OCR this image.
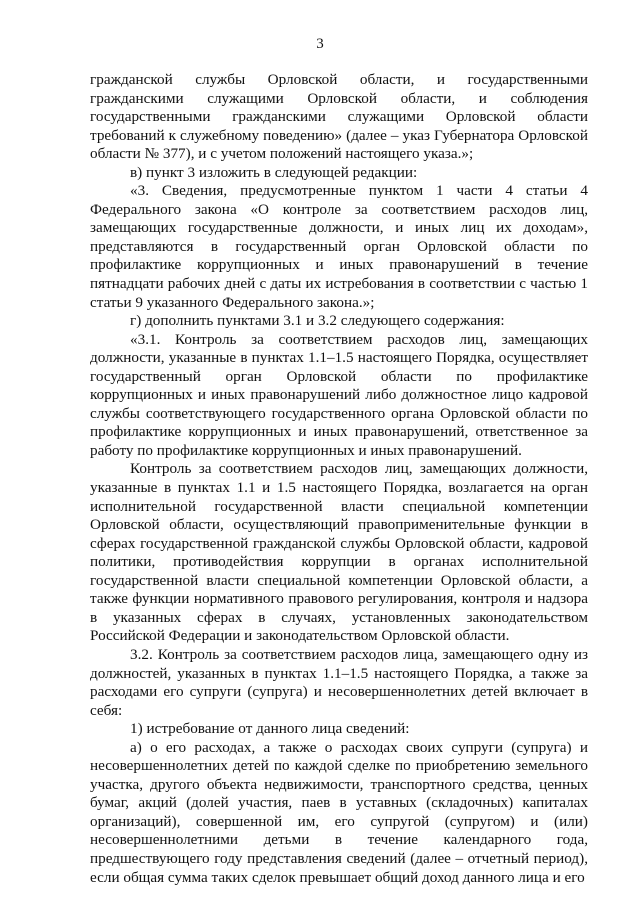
3

гражданской службы Орловской области, и государственными гражданскими служащими Орловской области, и соблюдения государственными гражданскими служащими Орловской области требований к служебному поведению» (далее – указ Губернатора Орловской области № 377), и с учетом положений настоящего указа.»;

в) пункт 3 изложить в следующей редакции:

«3. Сведения, предусмотренные пунктом 1 части 4 статьи 4 Федерального закона «О контроле за соответствием расходов лиц, замещающих государственные должности, и иных лиц их доходам», представляются в государственный орган Орловской области по профилактике коррупционных и иных правонарушений в течение пятнадцати рабочих дней с даты их истребования в соответствии с частью 1 статьи 9 указанного Федерального закона.»;

г) дополнить пунктами 3.1 и 3.2 следующего содержания:

«3.1. Контроль за соответствием расходов лиц, замещающих должности, указанные в пунктах 1.1–1.5 настоящего Порядка, осуществляет государственный орган Орловской области по профилактике коррупционных и иных правонарушений либо должностное лицо кадровой службы соответствующего государственного органа Орловской области по профилактике коррупционных и иных правонарушений, ответственное за работу по профилактике коррупционных и иных правонарушений.

Контроль за соответствием расходов лиц, замещающих должности, указанные в пунктах 1.1 и 1.5 настоящего Порядка, возлагается на орган исполнительной государственной власти специальной компетенции Орловской области, осуществляющий правоприменительные функции в сферах государственной гражданской службы Орловской области, кадровой политики, противодействия коррупции в органах исполнительной государственной власти специальной компетенции Орловской области, а также функции нормативного правового регулирования, контроля и надзора в указанных сферах в случаях, установленных законодательством Российской Федерации и законодательством Орловской области.

3.2. Контроль за соответствием расходов лица, замещающего одну из должностей, указанных в пунктах 1.1–1.5 настоящего Порядка, а также за расходами его супруги (супруга) и несовершеннолетних детей включает в себя:

1) истребование от данного лица сведений:

а) о его расходах, а также о расходах своих супруги (супруга) и несовершеннолетних детей по каждой сделке по приобретению земельного участка, другого объекта недвижимости, транспортного средства, ценных бумаг, акций (долей участия, паев в уставных (складочных) капиталах организаций), совершенной им, его супругой (супругом) и (или) несовершеннолетними детьми в течение календарного года, предшествующего году представления сведений (далее – отчетный период), если общая сумма таких сделок превышает общий доход данного лица и его
